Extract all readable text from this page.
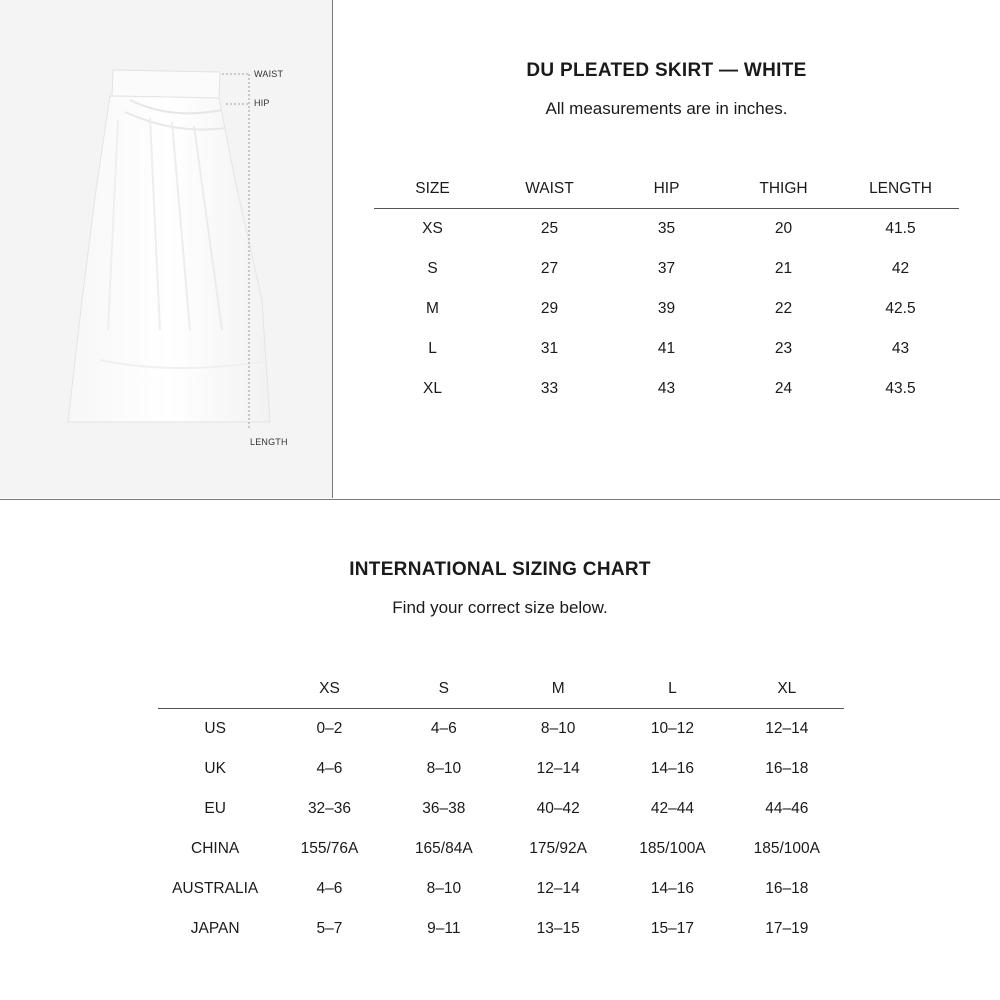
WAIST
HIP
LENGTH
DU PLEATED SKIRT — WHITE
All measurements are in inches.
SIZE	WAIST	HIP	THIGH	LENGTH
XS	25	35	20	41.5
S	27	37	21	42
M	29	39	22	42.5
L	31	41	23	43
XL	33	43	24	43.5
INTERNATIONAL SIZING CHART
Find your correct size below.
	XS	S	M	L	XL
US	0–2	4–6	8–10	10–12	12–14
UK	4–6	8–10	12–14	14–16	16–18
EU	32–36	36–38	40–42	42–44	44–46
CHINA	155/76A	165/84A	175/92A	185/100A	185/100A
AUSTRALIA	4–6	8–10	12–14	14–16	16–18
JAPAN	5–7	9–11	13–15	15–17	17–19
